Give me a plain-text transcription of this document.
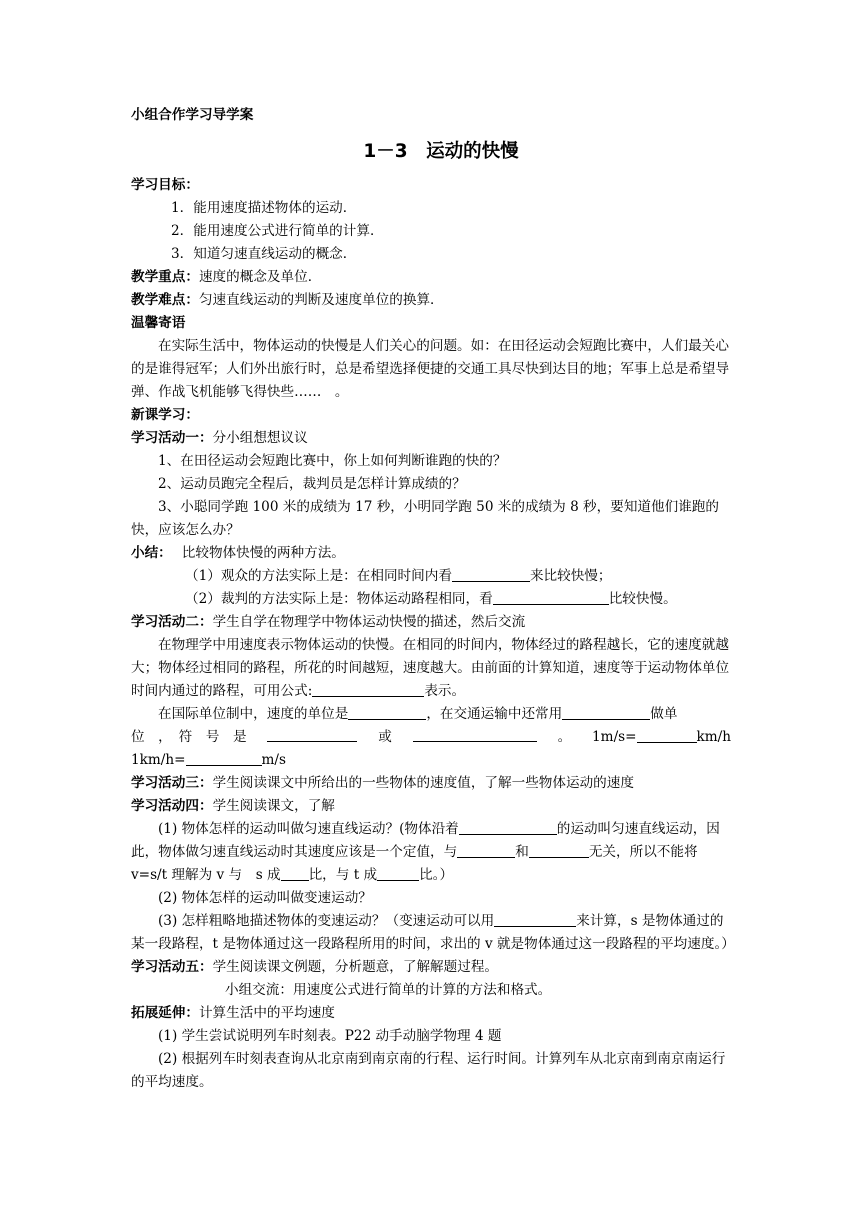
小组合作学习导学案
1－3　运动的快慢
学习目标：
1．能用速度描述物体的运动．
2．能用速度公式进行简单的计算．
3．知道匀速直线运动的概念．
教学重点：速度的概念及单位．
教学难点：匀速直线运动的判断及速度单位的换算．
温馨寄语
在实际生活中，物体运动的快慢是人们关心的问题。如：在田径运动会短跑比赛中，人们最关心的是谁得冠军；人们外出旅行时，总是希望选择便捷的交通工具尽快到达目的地；军事上总是希望导弹、作战飞机能够飞得快些……　。
新课学习：
学习活动一：分小组想想议议
1、在田径运动会短跑比赛中，你上如何判断谁跑的快的？
2、运动员跑完全程后，裁判员是怎样计算成绩的？
3、小聪同学跑 100 米的成绩为 17 秒，小明同学跑 50 米的成绩为 8 秒，要知道他们谁跑的快，应该怎么办？
小结： 比较物体快慢的两种方法。
（1）观众的方法实际上是：在相同时间内看	来比较快慢；
（2）裁判的方法实际上是：物体运动路程相同，看	比较快慢。
学习活动二：学生自学在物理学中物体运动快慢的描述，然后交流
在物理学中用速度表示物体运动的快慢。在相同的时间内，物体经过的路程越长，它的速度就越大；物体经过相同的路程，所花的时间越短，速度越大。由前面的计算知道，速度等于运动物体单位时间内通过的路程，可用公式:	表示。
在国际单位制中，速度的单位是	，在交通运输中还常用	做单
位　，　符　号　是	或	。 1m/s=	km/h
1km/h=	m/s
学习活动三：学生阅读课文中所给出的一些物体的速度值，了解一些物体运动的速度
学习活动四：学生阅读课文，了解
(1) 物体怎样的运动叫做匀速直线运动？(物体沿着	的运动叫匀速直线运动，因此，物体做匀速直线运动时其速度应该是一个定值，与	和	无关，所以不能将 v=s/t 理解为 v 与　s 成 比，与 t 成	比。）
(2) 物体怎样的运动叫做变速运动？
(3) 怎样粗略地描述物体的变速运动？（变速运动可以用	来计算，s 是物体通过的某一段路程，t 是物体通过这一段路程所用的时间，求出的 v 就是物体通过这一段路程的平均速度。）
学习活动五：学生阅读课文例题，分析题意，了解解题过程。
小组交流：用速度公式进行简单的计算的方法和格式。
拓展延伸：计算生活中的平均速度
(1) 学生尝试说明列车时刻表。P22 动手动脑学物理 4 题
(2) 根据列车时刻表查询从北京南到南京南的行程、运行时间。计算列车从北京南到南京南运行的平均速度。
